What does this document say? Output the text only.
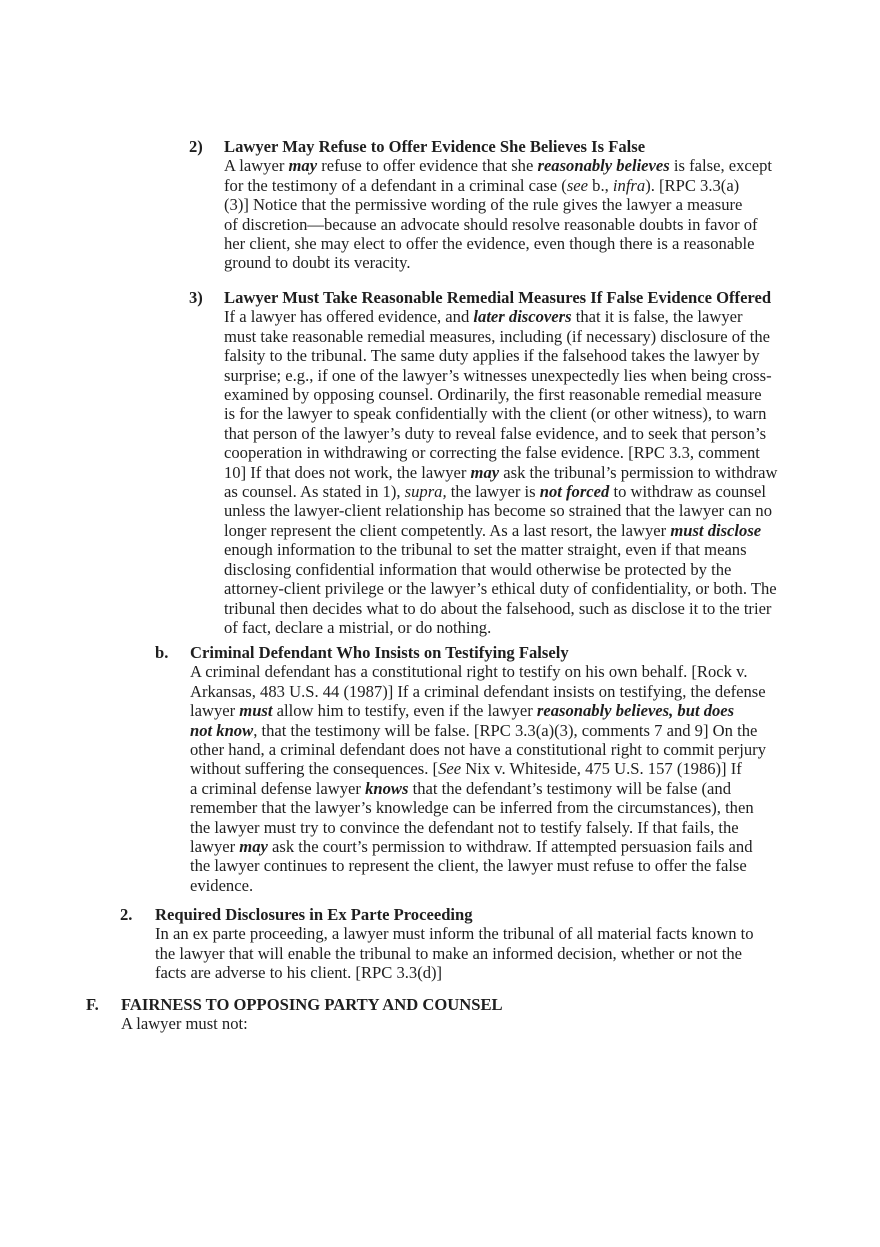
2) Lawyer May Refuse to Offer Evidence She Believes Is False
A lawyer may refuse to offer evidence that she reasonably believes is false, except
for the testimony of a defendant in a criminal case (see b., infra). [RPC 3.3(a)
(3)] Notice that the permissive wording of the rule gives the lawyer a measure
of discretion—because an advocate should resolve reasonable doubts in favor of
her client, she may elect to offer the evidence, even though there is a reasonable
ground to doubt its veracity.
3) Lawyer Must Take Reasonable Remedial Measures If False Evidence Offered
If a lawyer has offered evidence, and later discovers that it is false, the lawyer
must take reasonable remedial measures, including (if necessary) disclosure of the
falsity to the tribunal. The same duty applies if the falsehood takes the lawyer by
surprise; e.g., if one of the lawyer’s witnesses unexpectedly lies when being cross-
examined by opposing counsel. Ordinarily, the first reasonable remedial measure
is for the lawyer to speak confidentially with the client (or other witness), to warn
that person of the lawyer’s duty to reveal false evidence, and to seek that person’s
cooperation in withdrawing or correcting the false evidence. [RPC 3.3, comment
10] If that does not work, the lawyer may ask the tribunal’s permission to withdraw
as counsel. As stated in 1), supra, the lawyer is not forced to withdraw as counsel
unless the lawyer-client relationship has become so strained that the lawyer can no
longer represent the client competently. As a last resort, the lawyer must disclose
enough information to the tribunal to set the matter straight, even if that means
disclosing confidential information that would otherwise be protected by the
attorney-client privilege or the lawyer’s ethical duty of confidentiality, or both. The
tribunal then decides what to do about the falsehood, such as disclose it to the trier
of fact, declare a mistrial, or do nothing.
b. Criminal Defendant Who Insists on Testifying Falsely
A criminal defendant has a constitutional right to testify on his own behalf. [Rock v.
Arkansas, 483 U.S. 44 (1987)] If a criminal defendant insists on testifying, the defense
lawyer must allow him to testify, even if the lawyer reasonably believes, but does
not know, that the testimony will be false. [RPC 3.3(a)(3), comments 7 and 9] On the
other hand, a criminal defendant does not have a constitutional right to commit perjury
without suffering the consequences. [See Nix v. Whiteside, 475 U.S. 157 (1986)] If
a criminal defense lawyer knows that the defendant’s testimony will be false (and
remember that the lawyer’s knowledge can be inferred from the circumstances), then
the lawyer must try to convince the defendant not to testify falsely. If that fails, the
lawyer may ask the court’s permission to withdraw. If attempted persuasion fails and
the lawyer continues to represent the client, the lawyer must refuse to offer the false
evidence.
2. Required Disclosures in Ex Parte Proceeding
In an ex parte proceeding, a lawyer must inform the tribunal of all material facts known to
the lawyer that will enable the tribunal to make an informed decision, whether or not the
facts are adverse to his client. [RPC 3.3(d)]
F. FAIRNESS TO OPPOSING PARTY AND COUNSEL
A lawyer must not:
